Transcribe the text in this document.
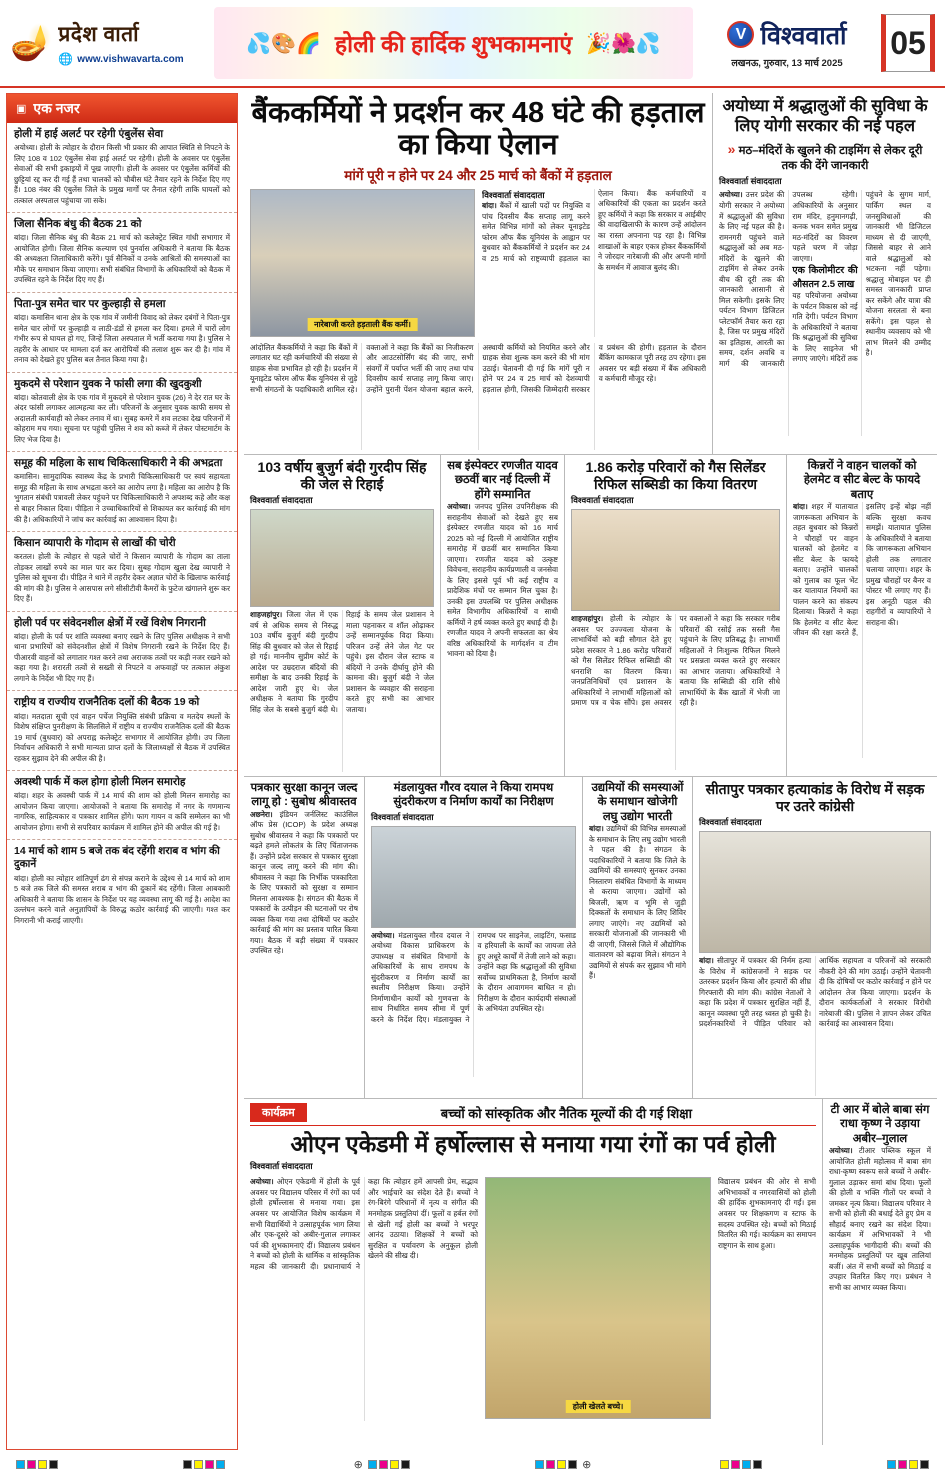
🪔 प्रदेश वार्ता
🌐 www.vishwavarta.com
💦🎨🌈 होली की हार्दिक शुभकामनाएं 🎉🌺💦	V विश्ववार्ता
लखनऊ, गुरुवार, 13 मार्च 2025
05
▣ एक नजर
होली में हाई अलर्ट पर रहेगी एंबुलेंस सेवा
अयोध्या। होली के त्योहार के दौरान किसी भी प्रकार की आपात स्थिति से निपटने के लिए 108 व 102 एंबुलेंस सेवा हाई अलर्ट पर रहेगी। होली के अवसर पर एंबुलेंस सेवाओं की सभी इकाइयों में पूख जाएगी। होली के अवसर पर एंबुलेंस कर्मियों की छुट्टियां रद्द कर दी गई हैं तथा चालकों को चौबीस घंटे तैयार रहने के निर्देश दिए गए हैं। 108 नंबर की एंबुलेंस जिले के प्रमुख मार्गों पर तैनात रहेगी ताकि घायलों को तत्काल अस्पताल पहुंचाया जा सके।
जिला सैनिक बंधु की बैठक 21 को
बांदा। जिला सैनिक बंधु की बैठक 21 मार्च को कलेक्ट्रेट स्थित गांधी सभागार में आयोजित होगी। जिला सैनिक कल्याण एवं पुनर्वास अधिकारी ने बताया कि बैठक की अध्यक्षता जिलाधिकारी करेंगे। पूर्व सैनिकों व उनके आश्रितों की समस्याओं का मौके पर समाधान किया जाएगा। सभी संबंधित विभागों के अधिकारियों को बैठक में उपस्थित रहने के निर्देश दिए गए हैं।
पिता-पुत्र समेत चार पर कुल्हाड़ी से हमला
बांदा। कमासिन थाना क्षेत्र के एक गांव में जमीनी विवाद को लेकर दबंगों ने पिता-पुत्र समेत चार लोगों पर कुल्हाड़ी व लाठी-डंडों से हमला कर दिया। हमले में चारों लोग गंभीर रूप से घायल हो गए, जिन्हें जिला अस्पताल में भर्ती कराया गया है। पुलिस ने तहरीर के आधार पर मामला दर्ज कर आरोपियों की तलाश शुरू कर दी है। गांव में तनाव को देखते हुए पुलिस बल तैनात किया गया है।
मुकदमे से परेशान युवक ने फांसी लगा की खुदकुशी
बांदा। कोतवाली क्षेत्र के एक गांव में मुकदमे से परेशान युवक (26) ने देर रात घर के अंदर फांसी लगाकर आत्महत्या कर ली। परिजनों के अनुसार युवक काफी समय से अदालती कार्यवाही को लेकर तनाव में था। सुबह कमरे में शव लटका देख परिजनों में कोहराम मच गया। सूचना पर पहुंची पुलिस ने शव को कब्जे में लेकर पोस्टमार्टम के लिए भेज दिया है।
समूह की महिला के साथ चिकित्साधिकारी ने की अभद्रता
कमासिन। सामुदायिक स्वास्थ्य केंद्र के प्रभारी चिकित्साधिकारी पर स्वयं सहायता समूह की महिला के साथ अभद्रता करने का आरोप लगा है। महिला का आरोप है कि भुगतान संबंधी पत्रावली लेकर पहुंचने पर चिकित्साधिकारी ने अपशब्द कहे और कक्ष से बाहर निकाल दिया। पीड़िता ने उच्चाधिकारियों से शिकायत कर कार्रवाई की मांग की है। अधिकारियों ने जांच कर कार्रवाई का आश्वासन दिया है।
किसान व्यापारी के गोदाम से लाखों की चोरी
करतल। होली के त्योहार से पहले चोरों ने किसान व्यापारी के गोदाम का ताला तोड़कर लाखों रुपये का माल पार कर दिया। सुबह गोदाम खुला देख व्यापारी ने पुलिस को सूचना दी। पीड़ित ने थाने में तहरीर देकर अज्ञात चोरों के खिलाफ कार्रवाई की मांग की है। पुलिस ने आसपास लगे सीसीटीवी कैमरों के फुटेज खंगालने शुरू कर दिए हैं।
होली पर्व पर संवेदनशील क्षेत्रों में रखें विशेष निगरानी
बांदा। होली के पर्व पर शांति व्यवस्था बनाए रखने के लिए पुलिस अधीक्षक ने सभी थाना प्रभारियों को संवेदनशील क्षेत्रों में विशेष निगरानी रखने के निर्देश दिए हैं। पीआरवी वाहनों को लगातार गश्त करने तथा अराजक तत्वों पर कड़ी नजर रखने को कहा गया है। शरारती तत्वों से सख्ती से निपटने व अफवाहों पर तत्काल अंकुश लगाने के निर्देश भी दिए गए हैं।
राष्ट्रीय व राज्यीय राजनैतिक दलों की बैठक 19 को
बांदा। मतदाता सूची एवं वाहन पर्चेज नियुक्ति संबंधी प्रक्रिया व मतदेय स्थलों के विशेष संक्षिप्त पुनरीक्षण के सिलसिले में राष्ट्रीय व राज्यीय राजनैतिक दलों की बैठक 19 मार्च (बुधवार) को अपराह्न कलेक्ट्रेट सभागार में आयोजित होगी। उप जिला निर्वाचन अधिकारी ने सभी मान्यता प्राप्त दलों के जिलाध्यक्षों से बैठक में उपस्थित रहकर सुझाव देने की अपील की है।
अवस्थी पार्क में कल होगा होली मिलन समारोह
बांदा। शहर के अवस्थी पार्क में 14 मार्च की शाम को होली मिलन समारोह का आयोजन किया जाएगा। आयोजकों ने बताया कि समारोह में नगर के गणमान्य नागरिक, साहित्यकार व पत्रकार शामिल होंगे। फाग गायन व कवि सम्मेलन का भी आयोजन होगा। सभी से सपरिवार कार्यक्रम में शामिल होने की अपील की गई है।
14 मार्च को शाम 5 बजे तक बंद रहेंगी शराब व भांग की दुकानें
बांदा। होली का त्योहार शांतिपूर्ण ढंग से संपन्न कराने के उद्देश्य से 14 मार्च को शाम 5 बजे तक जिले की समस्त शराब व भांग की दुकानें बंद रहेंगी। जिला आबकारी अधिकारी ने बताया कि शासन के निर्देश पर यह व्यवस्था लागू की गई है। आदेश का उल्लंघन करने वाले अनुज्ञापियों के विरुद्ध कठोर कार्रवाई की जाएगी। गश्त कर निगरानी भी कराई जाएगी।
बैंककर्मियों ने प्रदर्शन कर 48 घंटे की हड़ताल का किया ऐलान
मांगें पूरी न होने पर 24 और 25 मार्च को बैंकों में हड़ताल
नारेबाजी करते हड़ताली बैंक कर्मी।

विश्ववार्ता संवाददाता

बांदा। बैंकों में खाली पदों पर नियुक्ति व पांच दिवसीय बैंक सप्ताह लागू करने समेत विभिन्न मांगों को लेकर यूनाइटेड फोरम ऑफ बैंक यूनियंस के आह्वान पर बुधवार को बैंककर्मियों ने प्रदर्शन कर 24 व 25 मार्च को राष्ट्रव्यापी हड़ताल का ऐलान किया। बैंक कर्मचारियों व अधिकारियों की एकता का प्रदर्शन करते हुए कर्मियों ने कहा कि सरकार व आईबीए की वादाखिलाफी के कारण उन्हें आंदोलन का रास्ता अपनाना पड़ रहा है। विभिन्न शाखाओं के बाहर एकत्र होकर बैंककर्मियों ने जोरदार नारेबाजी की और अपनी मांगों के समर्थन में आवाज बुलंद की।

आंदोलित बैंककर्मियों ने कहा कि बैंकों में लगातार घट रही कर्मचारियों की संख्या से ग्राहक सेवा प्रभावित हो रही है। प्रदर्शन में यूनाइटेड फोरम ऑफ बैंक यूनियंस से जुड़े सभी संगठनों के पदाधिकारी शामिल रहे। वक्ताओं ने कहा कि बैंकों का निजीकरण और आउटसोर्सिंग बंद की जाए, सभी संवर्गों में पर्याप्त भर्ती की जाए तथा पांच दिवसीय कार्य सप्ताह लागू किया जाए। उन्होंने पुरानी पेंशन योजना बहाल करने, अस्थायी कर्मियों को नियमित करने और ग्राहक सेवा शुल्क कम करने की भी मांग उठाई। चेतावनी दी गई कि मांगें पूरी न होने पर 24 व 25 मार्च को देशव्यापी हड़ताल होगी, जिसकी जिम्मेदारी सरकार व प्रबंधन की होगी। हड़ताल के दौरान बैंकिंग कामकाज पूरी तरह ठप रहेगा। इस अवसर पर बड़ी संख्या में बैंक अधिकारी व कर्मचारी मौजूद रहे।
अयोध्या में श्रद्धालुओं की सुविधा के लिए योगी सरकार की नई पहल
» मठ–मंदिरों के खुलने की टाइमिंग से लेकर दूरी तक की देंगे जानकारी

विश्ववार्ता संवाददाता

अयोध्या। उत्तर प्रदेश की योगी सरकार ने अयोध्या में श्रद्धालुओं की सुविधा के लिए नई पहल की है। रामनगरी पहुंचने वाले श्रद्धालुओं को अब मठ-मंदिरों के खुलने की टाइमिंग से लेकर उनके बीच की दूरी तक की जानकारी आसानी से मिल सकेगी। इसके लिए पर्यटन विभाग डिजिटल प्लेटफॉर्म तैयार करा रहा है, जिस पर प्रमुख मंदिरों का इतिहास, आरती का समय, दर्शन अवधि व मार्ग की जानकारी उपलब्ध रहेगी। अधिकारियों के अनुसार राम मंदिर, हनुमानगढ़ी, कनक भवन समेत प्रमुख मठ-मंदिरों का विवरण पहले चरण में जोड़ा जाएगा।

एक किलोमीटर की औसतन 2.5 लाख

यह परियोजना अयोध्या के पर्यटन विकास को नई गति देगी। पर्यटन विभाग के अधिकारियों ने बताया कि श्रद्धालुओं की सुविधा के लिए साइनेज भी लगाए जाएंगे। मंदिरों तक पहुंचने के सुगम मार्ग, पार्किंग स्थल व जनसुविधाओं की जानकारी भी डिजिटल माध्यम से दी जाएगी, जिससे बाहर से आने वाले श्रद्धालुओं को भटकना नहीं पड़ेगा। श्रद्धालु मोबाइल पर ही समस्त जानकारी प्राप्त कर सकेंगे और यात्रा की योजना सरलता से बना सकेंगे। इस पहल से स्थानीय व्यवसाय को भी लाभ मिलने की उम्मीद है।

103 वर्षीय बुजुर्ग बंदी गुरदीप सिंह की जेल से रिहाई

विश्ववार्ता संवाददाता

शाहजहांपुर। जिला जेल में एक वर्ष से अधिक समय से निरुद्ध 103 वर्षीय बुजुर्ग बंदी गुरदीप सिंह की बुधवार को जेल से रिहाई हो गई। माननीय सुप्रीम कोर्ट के आदेश पर उम्रदराज बंदियों की समीक्षा के बाद उनकी रिहाई के आदेश जारी हुए थे। जेल अधीक्षक ने बताया कि गुरदीप सिंह जेल के सबसे बुजुर्ग बंदी थे। रिहाई के समय जेल प्रशासन ने माला पहनाकर व शॉल ओढ़ाकर उन्हें सम्मानपूर्वक विदा किया। परिजन उन्हें लेने जेल गेट पर पहुंचे। इस दौरान जेल स्टाफ व बंदियों ने उनके दीर्घायु होने की कामना की। बुजुर्ग बंदी ने जेल प्रशासन के व्यवहार की सराहना करते हुए सभी का आभार जताया।

सब इंस्पेक्टर रणजीत यादव छठवीं बार नई दिल्ली में होंगे सम्मानित

अयोध्या। जनपद पुलिस उपनिरीक्षक की सराहनीय सेवाओं को देखते हुए सब इंस्पेक्टर रणजीत यादव को 16 मार्च 2025 को नई दिल्ली में आयोजित राष्ट्रीय समारोह में छठवीं बार सम्मानित किया जाएगा। रणजीत यादव को उत्कृष्ट विवेचना, सराहनीय कार्यप्रणाली व जनसेवा के लिए इससे पूर्व भी कई राष्ट्रीय व प्रादेशिक मंचों पर सम्मान मिल चुका है। उनकी इस उपलब्धि पर पुलिस अधीक्षक समेत विभागीय अधिकारियों व साथी कर्मियों ने हर्ष व्यक्त करते हुए बधाई दी है। रणजीत यादव ने अपनी सफलता का श्रेय वरिष्ठ अधिकारियों के मार्गदर्शन व टीम भावना को दिया है।

1.86 करोड़ परिवारों को गैस सिलेंडर रिफिल सब्सिडी का किया वितरण

विश्ववार्ता संवाददाता

शाहजहांपुर। होली के त्योहार के अवसर पर उज्ज्वला योजना के लाभार्थियों को बड़ी सौगात देते हुए प्रदेश सरकार ने 1.86 करोड़ परिवारों को गैस सिलेंडर रिफिल सब्सिडी की धनराशि का वितरण किया। जनप्रतिनिधियों एवं प्रशासन के अधिकारियों ने लाभार्थी महिलाओं को प्रमाण पत्र व चेक सौंपे। इस अवसर पर वक्ताओं ने कहा कि सरकार गरीब परिवारों की रसोई तक सस्ती गैस पहुंचाने के लिए प्रतिबद्ध है। लाभार्थी महिलाओं ने निःशुल्क रिफिल मिलने पर प्रसन्नता व्यक्त करते हुए सरकार का आभार जताया। अधिकारियों ने बताया कि सब्सिडी की राशि सीधे लाभार्थियों के बैंक खातों में भेजी जा रही है।

किन्नरों ने वाहन चालकों को हेलमेट व सीट बेल्ट के फायदे बताए

बांदा। शहर में यातायात जागरूकता अभियान के तहत बुधवार को किन्नरों ने चौराहों पर वाहन चालकों को हेलमेट व सीट बेल्ट के फायदे बताए। उन्होंने चालकों को गुलाब का फूल भेंट कर यातायात नियमों का पालन करने का संकल्प दिलाया। किन्नरों ने कहा कि हेलमेट व सीट बेल्ट जीवन की रक्षा करते हैं, इसलिए इन्हें बोझ नहीं बल्कि सुरक्षा कवच समझें। यातायात पुलिस के अधिकारियों ने बताया कि जागरूकता अभियान होली तक लगातार चलाया जाएगा। शहर के प्रमुख चौराहों पर बैनर व पोस्टर भी लगाए गए हैं। इस अनूठी पहल की राहगीरों व व्यापारियों ने सराहना की।

पत्रकार सुरक्षा कानून जल्द लागू हो : सुबोध श्रीवास्तव

अछनेरा। इंडियन जर्नलिस्ट काउंसिल ऑफ प्रेस (ICOP) के प्रदेश अध्यक्ष सुबोध श्रीवास्तव ने कहा कि पत्रकारों पर बढ़ते हमले लोकतंत्र के लिए चिंताजनक हैं। उन्होंने प्रदेश सरकार से पत्रकार सुरक्षा कानून जल्द लागू करने की मांग की। श्रीवास्तव ने कहा कि निर्भीक पत्रकारिता के लिए पत्रकारों को सुरक्षा व सम्मान मिलना आवश्यक है। संगठन की बैठक में पत्रकारों के उत्पीड़न की घटनाओं पर रोष व्यक्त किया गया तथा दोषियों पर कठोर कार्रवाई की मांग का प्रस्ताव पारित किया गया। बैठक में बड़ी संख्या में पत्रकार उपस्थित रहे।

मंडलायुक्त गौरव दयाल ने किया रामपथ सुंदरीकरण व निर्माण कार्यों का निरीक्षण

विश्ववार्ता संवाददाता

अयोध्या। मंडलायुक्त गौरव दयाल ने अयोध्या विकास प्राधिकरण के उपाध्यक्ष व संबंधित विभागों के अधिकारियों के साथ रामपथ के सुंदरीकरण व निर्माण कार्यों का स्थलीय निरीक्षण किया। उन्होंने निर्माणाधीन कार्यों को गुणवत्ता के साथ निर्धारित समय सीमा में पूर्ण करने के निर्देश दिए। मंडलायुक्त ने रामपथ पर साइनेज, लाइटिंग, फसाड व हरियाली के कार्यों का जायजा लेते हुए अधूरे कार्यों में तेजी लाने को कहा। उन्होंने कहा कि श्रद्धालुओं की सुविधा सर्वोच्च प्राथमिकता है, निर्माण कार्यों के दौरान आवागमन बाधित न हो। निरीक्षण के दौरान कार्यदायी संस्थाओं के अभियंता उपस्थित रहे।

उद्यमियों की समस्याओं के समाधान खोजेगी लघु उद्योग भारती

बांदा। उद्यमियों की विभिन्न समस्याओं के समाधान के लिए लघु उद्योग भारती ने पहल की है। संगठन के पदाधिकारियों ने बताया कि जिले के उद्यमियों की समस्याएं सुनकर उनका निस्तारण संबंधित विभागों के माध्यम से कराया जाएगा। उद्योगों को बिजली, ऋण व भूमि से जुड़ी दिक्कतों के समाधान के लिए शिविर लगाए जाएंगे। नए उद्यमियों को सरकारी योजनाओं की जानकारी भी दी जाएगी, जिससे जिले में औद्योगिक वातावरण को बढ़ावा मिले। संगठन ने उद्यमियों से संपर्क कर सुझाव भी मांगे हैं।

सीतापुर पत्रकार हत्याकांड के विरोध में सड़क पर उतरे कांग्रेसी

विश्ववार्ता संवाददाता

बांदा। सीतापुर में पत्रकार की निर्मम हत्या के विरोध में कांग्रेसजनों ने सड़क पर उतरकर प्रदर्शन किया और हत्यारों की शीघ्र गिरफ्तारी की मांग की। कांग्रेस नेताओं ने कहा कि प्रदेश में पत्रकार सुरक्षित नहीं हैं, कानून व्यवस्था पूरी तरह ध्वस्त हो चुकी है। प्रदर्शनकारियों ने पीड़ित परिवार को आर्थिक सहायता व परिजनों को सरकारी नौकरी देने की मांग उठाई। उन्होंने चेतावनी दी कि दोषियों पर कठोर कार्रवाई न होने पर आंदोलन तेज किया जाएगा। प्रदर्शन के दौरान कार्यकर्ताओं ने सरकार विरोधी नारेबाजी की। पुलिस ने ज्ञापन लेकर उचित कार्रवाई का आश्वासन दिया।

कार्यक्रम	बच्चों को सांस्कृतिक और नैतिक मूल्यों की दी गई शिक्षा
ओएन एकेडमी में हर्षोल्लास से मनाया गया रंगों का पर्व होली

विश्ववार्ता संवाददाता

अयोध्या। ओएन एकेडमी में होली के पूर्व अवसर पर विद्यालय परिसर में रंगों का पर्व होली हर्षोल्लास से मनाया गया। इस अवसर पर आयोजित विशेष कार्यक्रम में सभी विद्यार्थियों ने उत्साहपूर्वक भाग लिया और एक-दूसरे को अबीर-गुलाल लगाकर पर्व की शुभकामनाएं दीं। विद्यालय प्रबंधन ने बच्चों को होली के धार्मिक व सांस्कृतिक महत्व की जानकारी दी। प्रधानाचार्य ने कहा कि त्योहार हमें आपसी प्रेम, सद्भाव और भाईचारे का संदेश देते हैं। बच्चों ने रंग-बिरंगे परिधानों में नृत्य व संगीत की मनमोहक प्रस्तुतियां दीं। फूलों व हर्बल रंगों से खेली गई होली का बच्चों ने भरपूर आनंद उठाया। शिक्षकों ने बच्चों को सुरक्षित व पर्यावरण के अनुकूल होली खेलने की सीख दी।

होली खेलते बच्चे।
विद्यालय प्रबंधन की ओर से सभी अभिभावकों व नगरवासियों को होली की हार्दिक शुभकामनाएं दी गईं। इस अवसर पर शिक्षकगण व स्टाफ के सदस्य उपस्थित रहे। बच्चों को मिठाई वितरित की गई। कार्यक्रम का समापन राष्ट्रगान के साथ हुआ।
टी आर में बोले बाबा संग राधा कृष्ण ने उड़ाया अबीर–गुलाल

अयोध्या। टीआर पब्लिक स्कूल में आयोजित होली महोत्सव में बाबा संग राधा-कृष्ण स्वरूप सजे बच्चों ने अबीर-गुलाल उड़ाकर समां बांध दिया। फूलों की होली व भक्ति गीतों पर बच्चों ने जमकर नृत्य किया। विद्यालय परिवार ने सभी को होली की बधाई देते हुए प्रेम व सौहार्द बनाए रखने का संदेश दिया। कार्यक्रम में अभिभावकों ने भी उत्साहपूर्वक भागीदारी की। बच्चों की मनमोहक प्रस्तुतियों पर खूब तालियां बजीं। अंत में सभी बच्चों को मिठाई व उपहार वितरित किए गए। प्रबंधन ने सभी का आभार व्यक्त किया।

⊕	⊕
